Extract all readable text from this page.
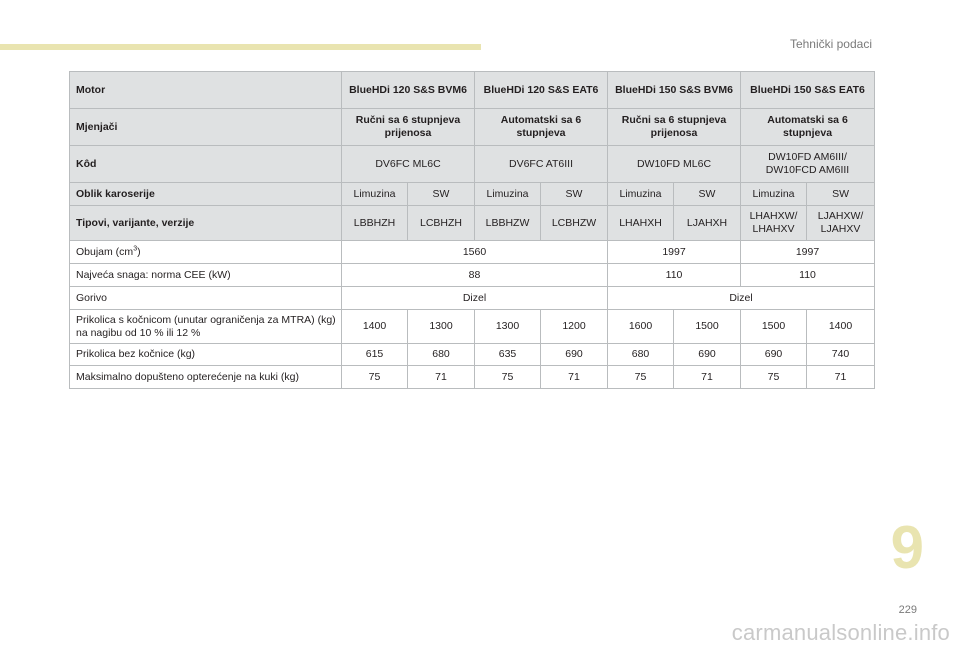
Tehnički podaci
Motor	BlueHDi 120 S&S BVM6		BlueHDi 120 S&S EAT6		BlueHDi 150 S&S BVM6		BlueHDi 150 S&S EAT6	
Mjenjači	Ručni sa 6 stupnjeva prijenosa		Automatski sa 6 stupnjeva		Ručni sa 6 stupnjeva prijenosa		Automatski sa 6 stupnjeva	
Kôd	DV6FC ML6C		DV6FC AT6III		DW10FD ML6C		DW10FD AM6III/ DW10FCD AM6III	
Oblik karoserije	Limuzina	SW	Limuzina	SW	Limuzina	SW	Limuzina	SW
Tipovi, varijante, verzije	LBBHZH	LCBHZH	LBBHZW	LCBHZW	LHAHXH	LJAHXH	LHAHXW/ LHAHXV	LJAHXW/ LJAHXV
Obujam $(cm^3)$	1560				1997		1997	
Najveća snaga: norma CEE (kW)	88				110		110	
Gorivo	Dizel				Dizel			
Prikolica s kočnicom (unutar ograničenja za MTRA) (kg) na nagibu od 10 % ili 12 %	1400	1300	1300	1200	1600	1500	1500	1400
Prikolica bez kočnice (kg)	615	680	635	690	680	690	690	740
Maksimalno dopušteno opterećenje na kuki (kg)	75	71	75	71	75	71	75	71
9
229
carmanualsonline.info
